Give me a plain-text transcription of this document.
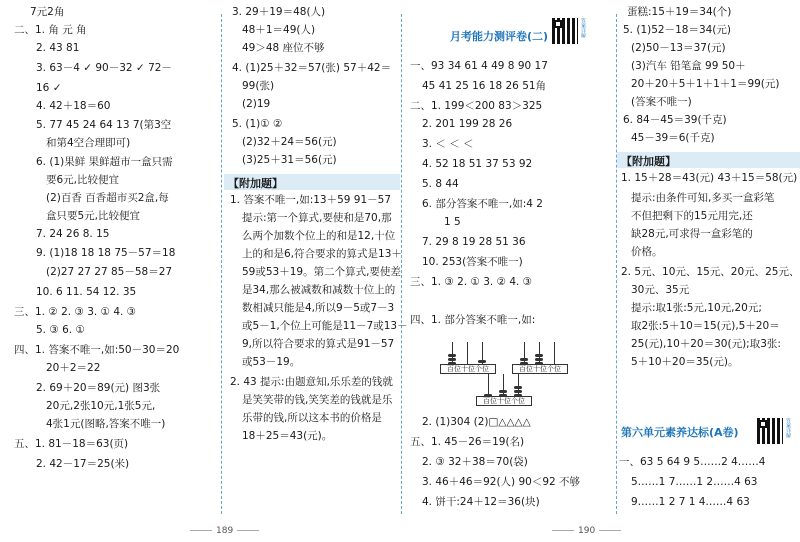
7元2角
二、1. 角 元 角
2. 43 81
3. 63－4 ✓ 90－32 ✓ 72－
16 ✓
4. 42＋18＝60
5. 77 45 24 64 13 7(第3空
和第4空合理即可)
6. (1)果鲜 果鲜超市一盒只需
要6元,比较便宜
(2)百香 百香超市买2盒,每
盒只要5元,比较便宜
7. 24 26 8. 15
9. (1)18 18 18 75－57＝18
(2)27 27 27 85－58＝27
10. 6 11. 54 12. 35
三、1. ② 2. ③ 3. ① 4. ③
5. ③ 6. ①
四、1. 答案不唯一,如:50－30＝20
20＋2＝22
2. 69＋20＝89(元) 图3张
20元,2张10元,1张5元,
4张1元(图略,答案不唯一)
五、1. 81－18＝63(页)
2. 42－17＝25(米)
3. 29＋19＝48(人)
48＋1＝49(人)
49＞48 座位不够
4. (1)25＋32＝57(张) 57＋42＝
99(张)
(2)19
5. (1)① ②
(2)32＋24＝56(元)
(3)25＋31＝56(元)
【附加题】
1. 答案不唯一,如:13＋59 91－57
提示:第一个算式,要使和是70,那
么两个加数个位上的和是12,十位
上的和是6,符合要求的算式是13＋
59或53＋19。第二个算式,要使差
是34,那么被减数和减数十位上的
数相减只能是4,所以9－5或7－3
或5－1,个位上可能是11－7或13－
9,所以符合要求的算式是91－57
或53－19。
2. 43 提示:由题意知,乐乐差的钱就
是笑笑带的钱,笑笑差的钱就是乐
乐带的钱,所以这本书的价格是
18＋25＝43(元)。
月考能力测评卷(二)	答案详解
一、93 34 61 4 49 8 90 17
45 41 25 16 18 26 51角
二、1. 199＜200 83＞325
2. 201 199 28 26
3. ＜ ＜ ＜
4. 52 18 51 37 53 92
5. 8 44
6. 部分答案不唯一,如:4 2
1 5
7. 29 8 19 28 51 36
10. 253(答案不唯一)
三、1. ③ 2. ① 3. ② 4. ③
四、1. 部分答案不唯一,如:
百位十位个位	百位十位个位
百位十位个位
2. (1)304 (2)□△△△△
五、1. 45－26＝19(名)
2. ③ 32＋38＝70(袋)
3. 46＋46＝92(人) 90＜92 不够
4. 饼干:24＋12＝36(块)
蛋糕:15＋19＝34(个)
5. (1)52－18＝34(元)
(2)50－13＝37(元)
(3)汽车 铅笔盒 99 50＋
20＋20＋5＋1＋1＋1＝99(元)
(答案不唯一)
6. 84－45＝39(千克)
45－39＝6(千克)
【附加题】
1. 15＋28＝43(元) 43＋15＝58(元)
提示:由条件可知,多买一盒彩笔
不但把剩下的15元用完,还
缺28元,可求得一盒彩笔的
价格。
2. 5元、10元、15元、20元、25元、
30元、35元
提示:取1张:5元,10元,20元;
取2张:5＋10＝15(元),5＋20＝
25(元),10＋20＝30(元);取3张:
5＋10＋20＝35(元)。
第六单元素养达标(A卷)	答案详解
一、63 5 64 9 5……2 4……4
5……1 7……1 2……4 63
9……1 2 7 1 4……4 63
189	190
